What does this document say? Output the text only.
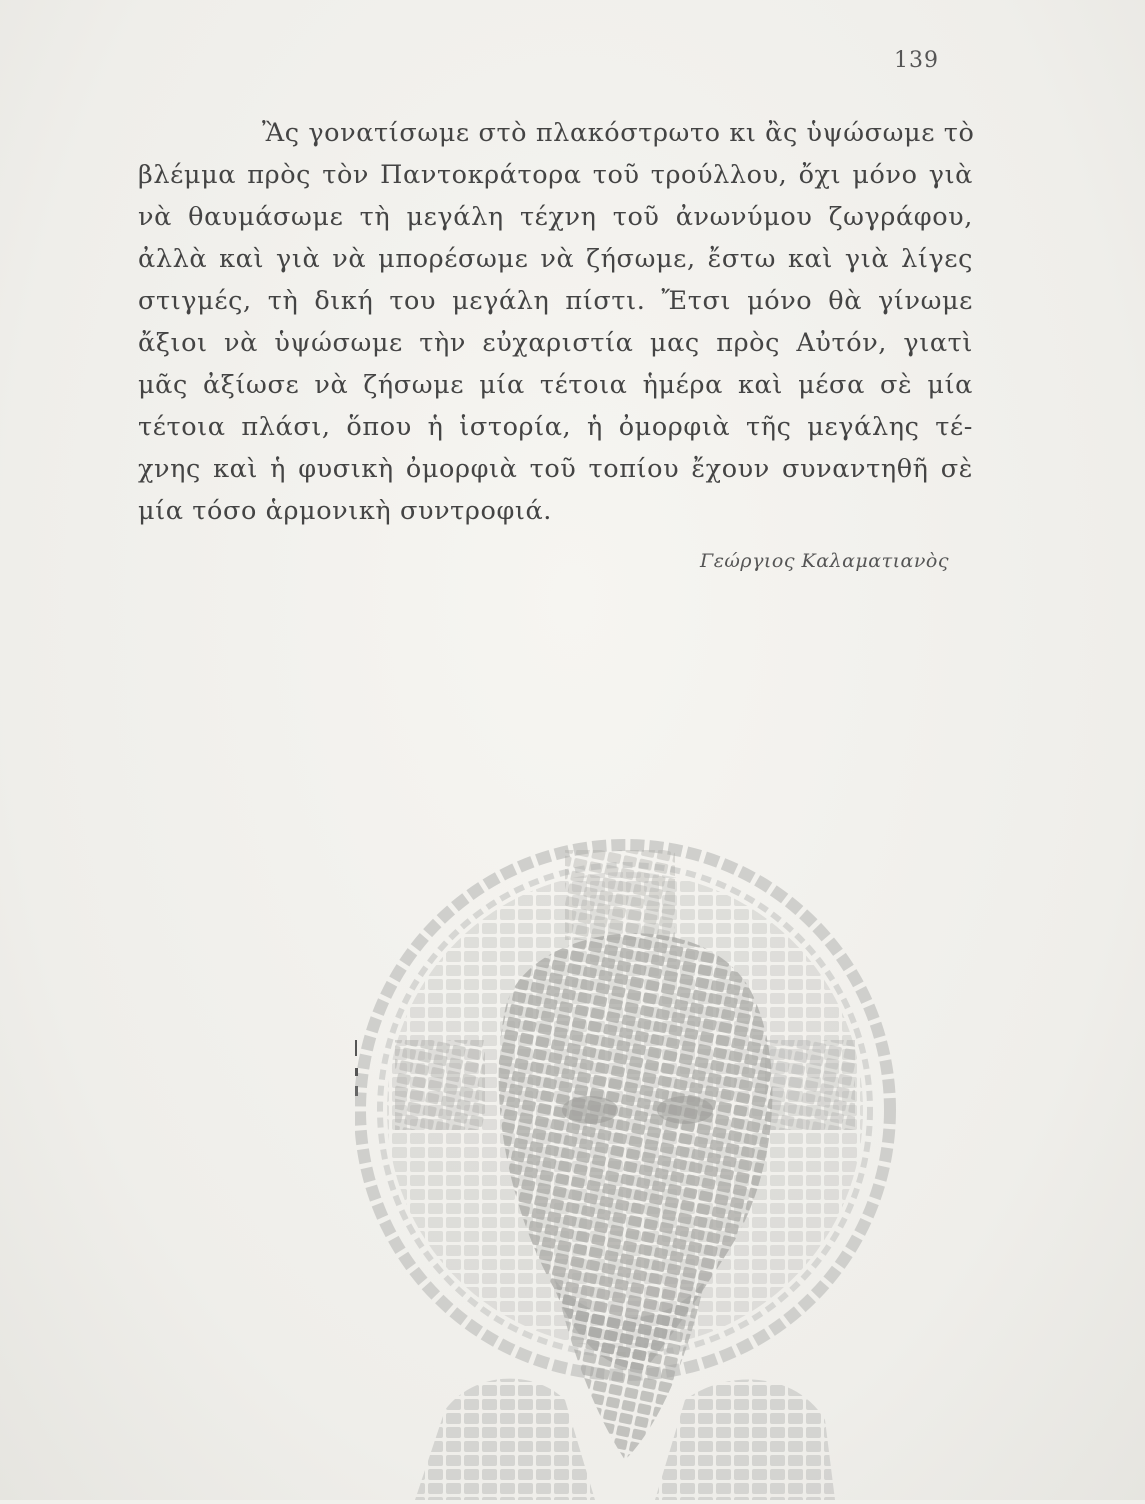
139
Ἂς γονατίσωμε στὸ πλακόστρωτο κι ἂς ὑψώσωμε τὸ
βλέμμα πρὸς τὸν Παντοκράτορα τοῦ τρούλλου, ὄχι μόνο γιὰ
νὰ θαυμάσωμε τὴ μεγάλη τέχνη τοῦ ἀνωνύμου ζωγράφου,
ἀλλὰ καὶ γιὰ νὰ μπορέσωμε νὰ ζήσωμε, ἔστω καὶ γιὰ λίγες
στιγμές, τὴ δική του μεγάλη πίστι. Ἔτσι μόνο θὰ γίνωμε
ἄξιοι νὰ ὑψώσωμε τὴν εὐχαριστία μας πρὸς Αὐτόν, γιατὶ
μᾶς ἀξίωσε νὰ ζήσωμε μία τέτοια ἡμέρα καὶ μέσα σὲ μία
τέτοια πλάσι, ὅπου ἡ ἱστορία, ἡ ὀμορφιὰ τῆς μεγάλης τέ-
χνης καὶ ἡ φυσικὴ ὀμορφιὰ τοῦ τοπίου ἔχουν συναντηθῆ σὲ
μία τόσο ἁρμονικὴ συντροφιά.
Γεώργιος Καλαματιανὸς
